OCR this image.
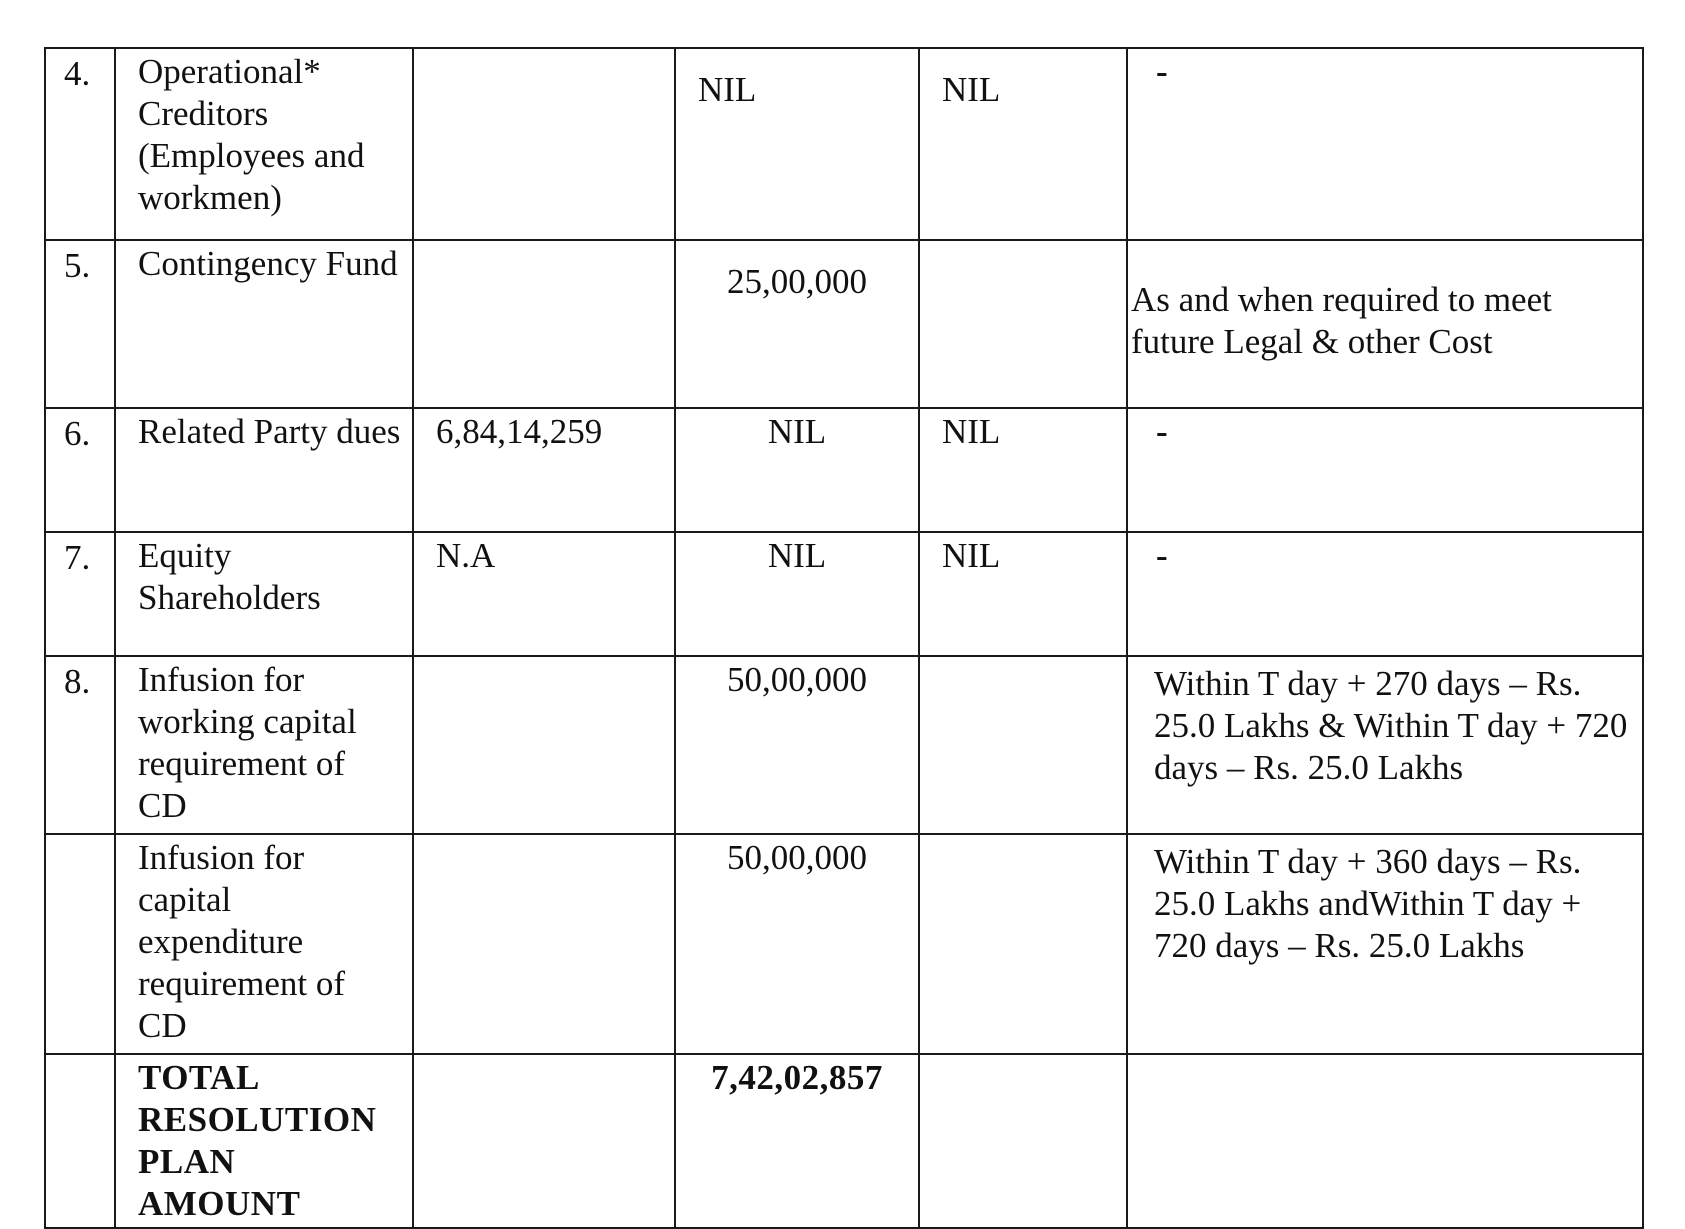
4.	Operational* Creditors (Employees and workmen)		NIL	NIL	-
5.	Contingency Fund		25,00,000		As and when required to meet future Legal & other Cost
6.	Related Party dues	6,84,14,259	NIL	NIL	-
7.	Equity Shareholders	N.A	NIL	NIL	-
8.	Infusion for working capital requirement of CD		50,00,000		Within T day + 270 days – Rs. 25.0 Lakhs & Within T day + 720 days – Rs. 25.0 Lakhs
	Infusion for capital expenditure requirement of CD		50,00,000		Within T day + 360 days – Rs. 25.0 Lakhs andWithin T day + 720 days – Rs. 25.0 Lakhs
	TOTAL RESOLUTION PLAN AMOUNT		7,42,02,857		
